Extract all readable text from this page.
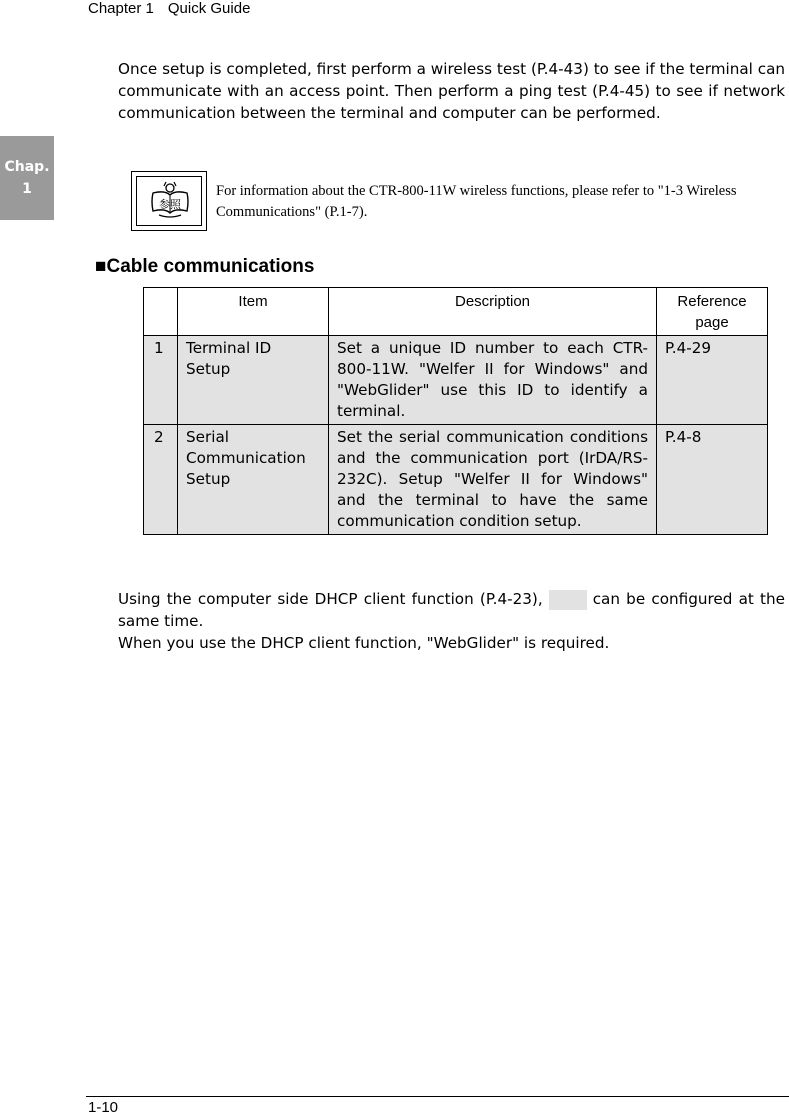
Chapter 1 Quick Guide
Chap.
1
Once setup is completed, first perform a wireless test (P.4-43) to see if the terminal can communicate with an access point. Then perform a ping test (P.4-45) to see if network communication between the terminal and computer can be performed.
参照
For information about the CTR-800-11W wireless functions, please refer to "1-3 Wireless Communications" (P.1-7).
■Cable communications
	Item	Description	Reference page
1	Terminal ID Setup	Set a unique ID number to each CTR-800-11W. "Welfer II for Windows" and "WebGlider" use this ID to identify a terminal.	P.4-29
2	Serial Communication Setup	Set the serial communication conditions and the communication port (IrDA/RS-232C). Setup "Welfer II for Windows" and the terminal to have the same communication condition setup.	P.4-8
Using the computer side DHCP client function (P.4-23),	can be configured at the same time.
When you use the DHCP client function, "WebGlider" is required.
1-10
